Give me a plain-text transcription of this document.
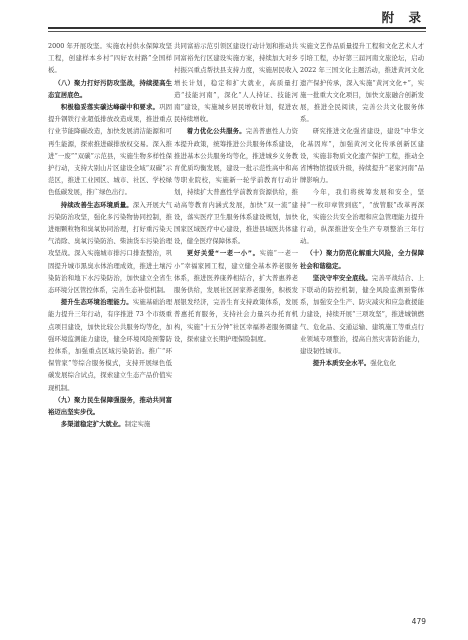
附 录

2000 年开展攻坚。实施农村供水保障攻坚工程，创建样本乡村“四好农村路”全国样板。

（八）聚力打好污防攻坚战，持续提高生态宜居底色。

积极稳妥落实碳达峰碳中和要求。巩固提升钢铁行业超低排放改造成果，推进重点行业节能降碳改造，加快发展清洁能源和可再生能源，探索推进碳排放权交易。深入推进“一废”“双碳”示范县，实施生物多样性保护行动，支持大别山片区建设全域“双碳”示范区，推进工业园区、城市、社区、学校绿色低碳发展，推广绿色出行。

持续改善生态环境质量。深入开展大气污染防治攻坚，强化多污染物协同控制，推进细颗粒物和臭氧协同治理，打好重污染天气消除、臭氧污染防治、柴油货车污染治理攻坚战。深入实施城市排污口排查整治，巩固提升城市黑臭水体治理成效，推进土壤污染防治和地下水污染防治，加快建立全省生态环境分区管控体系，完善生态补偿机制。

提升生态环境治理能力。实施基础治理能力提升三年行动，有序推进 73 个市级重点项目建设，加快比较公共服务均等化，加强环境监测能力建设，健全环境风险预警防控体系，加强重点区域污染防治。推广“环保管家”等综合服务模式，支持开展绿色低碳发展综合试点，探索建立生态产品价值实现机制。

（九）聚力民生保障强服务，推动共同富裕迈出坚实步伐。

多渠道稳定扩大就业。制定实施

共同富裕示范引领区建设行动计划和推动共同富裕先行区建设实施方案，持续加大对乡村振兴重点帮扶县支持力度，实施居民收入增长计划，稳定和扩大就业，高质量打造“技能河南”，深化“人人持证、技能河南”建设，实施城乡居民增收计划，促进农民持续增收。

着力优化公共服务。完善普惠性人力资本提升政策，统筹推进公共服务体系建设，推进基本公共服务均等化，推进城乡义务教育优质均衡发展，建设一批示范性高中和高等职业院校，实施新一轮学前教育行动计划，持续扩大普惠性学前教育资源供给，推动高等教育内涵式发展，加快“双一流”建设，落实医疗卫生服务体系建设规划，加快国家区域医疗中心建设，推进县域医共体建设，健全医疗保障体系。

更好关爱“一老一小”。实施“一老一小”幸福家园工程，建立健全基本养老服务体系，推进医养康养相结合，扩大普惠养老服务供给，发展社区居家养老服务，积极发展银发经济，完善生育支持政策体系，发展普惠托育服务，支持社会力量兴办托育机构，实施“十五分钟”社区幸福养老服务圈建设，探索建立长期护理保险制度。

实施文艺作品质量提升工程和文化艺术人才引培工程，办好第三届河南文旅论坛，启动 2022 年三国文化主题活动，推进黄河文化遗产保护传承，深入实施“黄河文化+”，实施一批重大文化项目，加快文旅融合创新发展，推进全民阅读，完善公共文化服务体系。

研究推进文化强省建设，建设“中华文化基因库”，加强黄河文化传承创新区建设，实施非物质文化遗产保护工程，推动全省博物馆提质升级，持续提升“老家河南”品牌影响力。

今年，我们将统筹发展和安全，坚持“一枚印章管到底”，“放管服”改革再深化，实施公共安全治理和应急管理能力提升行动，纵深推进安全生产专项整治三年行动。

（十）聚力防范化解重大风险，全力保障社会和谐稳定。

坚决守牢安全底线。完善平战结合、上下联动的防控机制，健全风险监测预警体系，加强安全生产、防灾减灾和应急救援能力建设，持续开展“三项攻坚”，推进城镇燃气、危化品、交通运输、建筑施工等重点行业领域专项整治，提高自然灾害防治能力，建设韧性城市。

提升本质安全水平。强化危化

479
